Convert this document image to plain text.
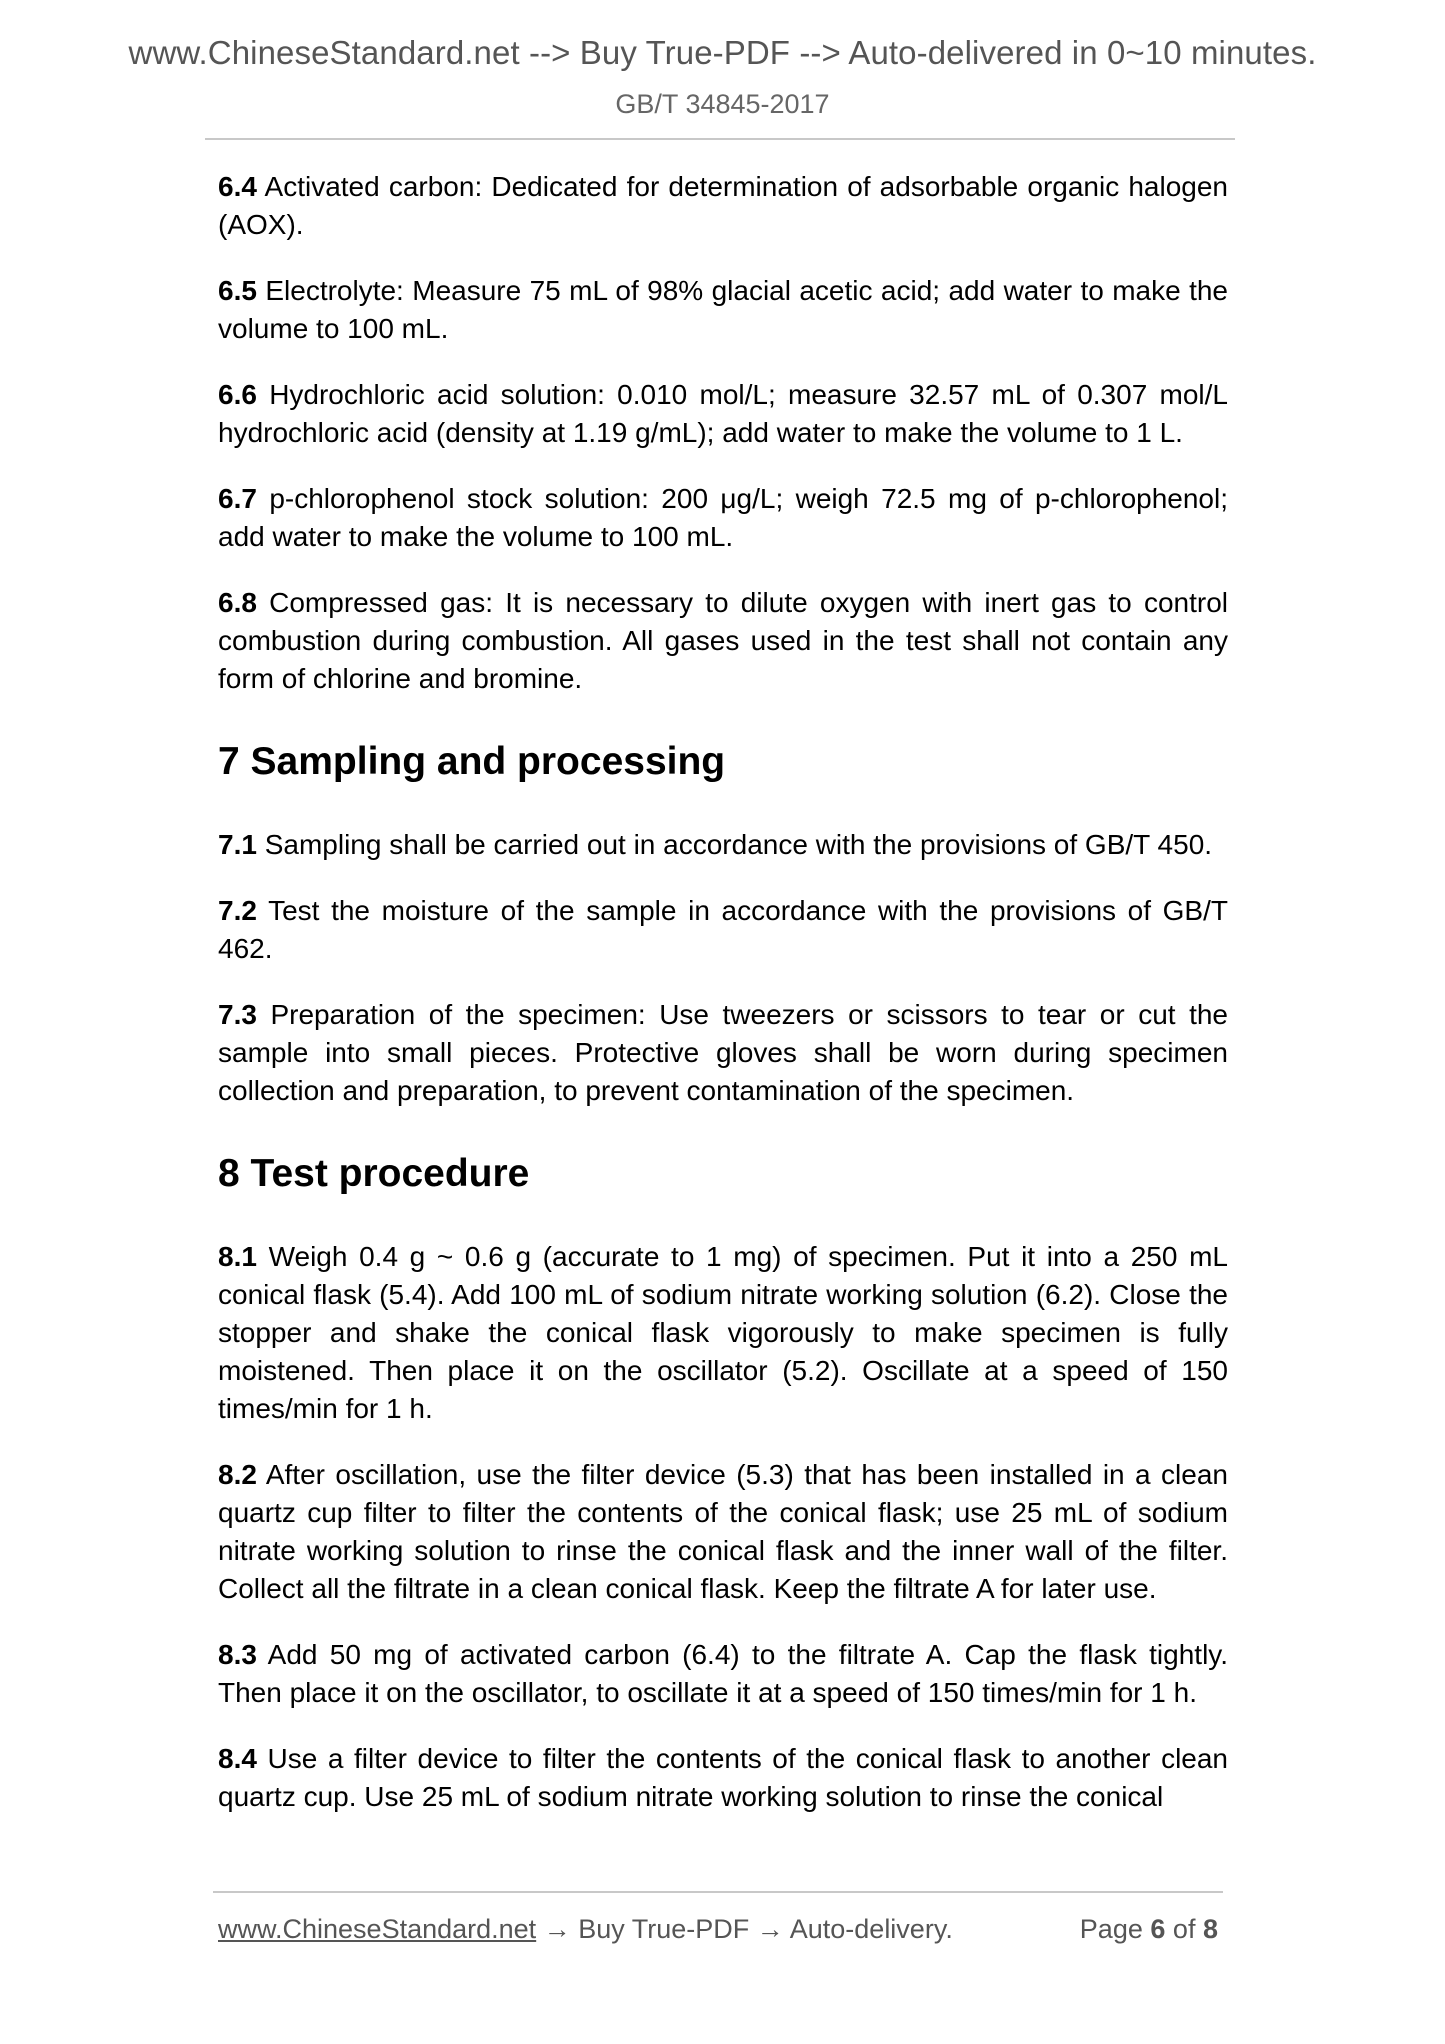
www.ChineseStandard.net --> Buy True-PDF --> Auto-delivered in 0~10 minutes.
GB/T 34845-2017

6.4 Activated carbon: Dedicated for determination of adsorbable organic halogen (AOX).

6.5 Electrolyte: Measure 75 mL of 98% glacial acetic acid; add water to make the volume to 100 mL.

6.6 Hydrochloric acid solution: 0.010 mol/L; measure 32.57 mL of 0.307 mol/L hydrochloric acid (density at 1.19 g/mL); add water to make the volume to 1 L.

6.7 p-chlorophenol stock solution: 200 μg/L; weigh 72.5 mg of p-chlorophenol; add water to make the volume to 100 mL.

6.8 Compressed gas: It is necessary to dilute oxygen with inert gas to control combustion during combustion. All gases used in the test shall not contain any form of chlorine and bromine.

7 Sampling and processing

7.1 Sampling shall be carried out in accordance with the provisions of GB/T 450.

7.2 Test the moisture of the sample in accordance with the provisions of GB/T 462.

7.3 Preparation of the specimen: Use tweezers or scissors to tear or cut the sample into small pieces. Protective gloves shall be worn during specimen collection and preparation, to prevent contamination of the specimen.

8 Test procedure

8.1 Weigh 0.4 g ~ 0.6 g (accurate to 1 mg) of specimen. Put it into a 250 mL conical flask (5.4). Add 100 mL of sodium nitrate working solution (6.2). Close the stopper and shake the conical flask vigorously to make specimen is fully moistened. Then place it on the oscillator (5.2). Oscillate at a speed of 150 times/min for 1 h.

8.2 After oscillation, use the filter device (5.3) that has been installed in a clean quartz cup filter to filter the contents of the conical flask; use 25 mL of sodium nitrate working solution to rinse the conical flask and the inner wall of the filter. Collect all the filtrate in a clean conical flask. Keep the filtrate A for later use.

8.3 Add 50 mg of activated carbon (6.4) to the filtrate A. Cap the flask tightly. Then place it on the oscillator, to oscillate it at a speed of 150 times/min for 1 h.

8.4 Use a filter device to filter the contents of the conical flask to another clean quartz cup. Use 25 mL of sodium nitrate working solution to rinse the conical

www.ChineseStandard.net → Buy True-PDF → Auto-delivery.	Page 6 of 8
